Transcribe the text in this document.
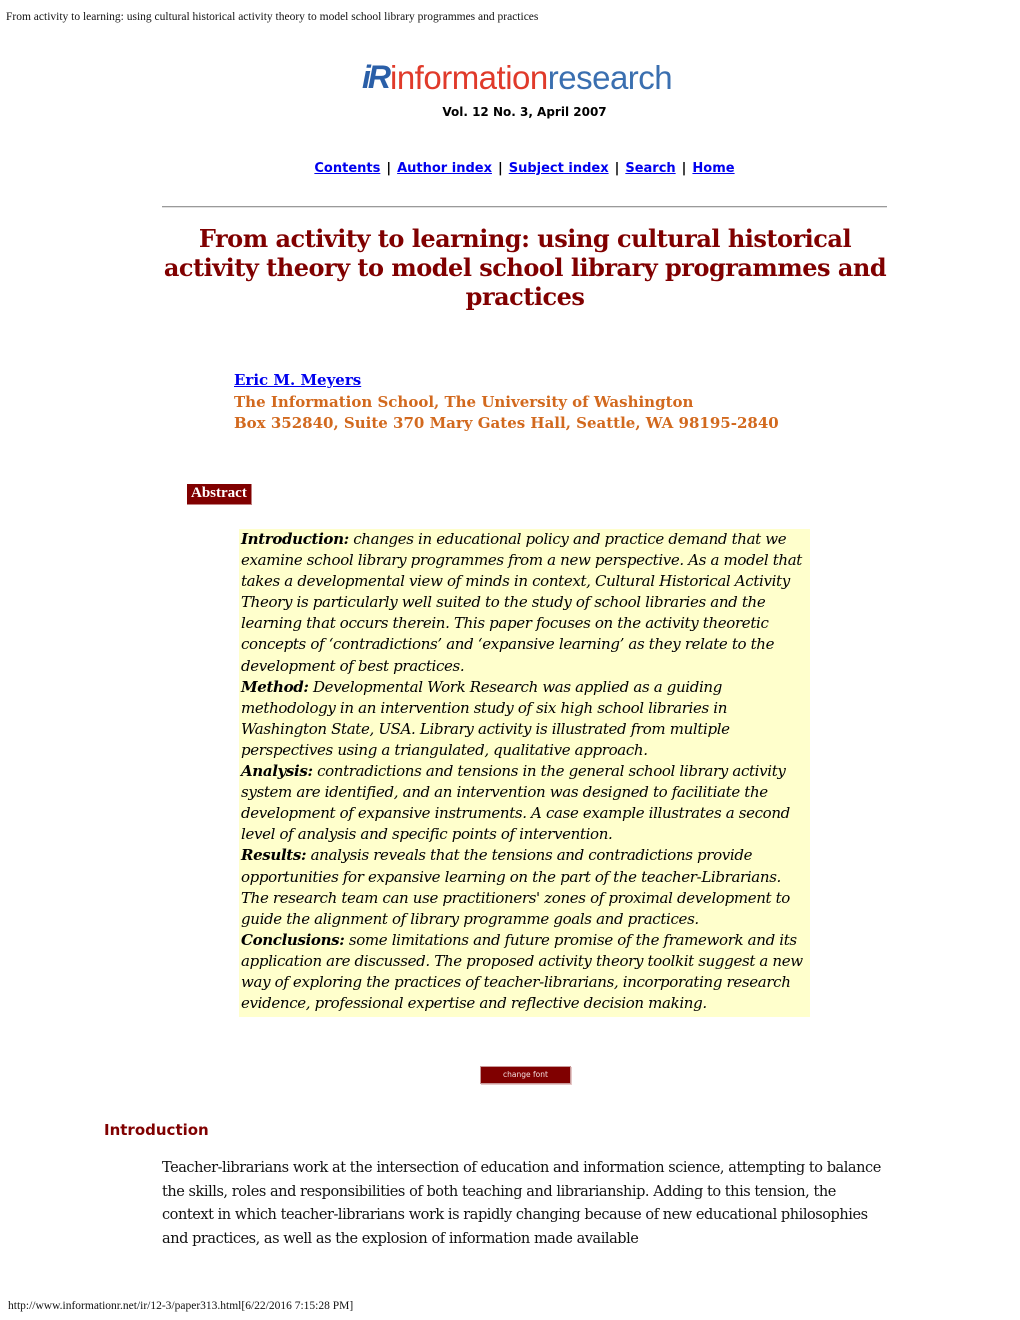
From activity to learning: using cultural historical activity theory to model school library programmes and practices
iR information research
Vol. 12 No. 3, April 2007
Contents | Author index | Subject index | Search | Home
From activity to learning: using cultural historical activity theory to model school library programmes and practices
Eric M. Meyers
The Information School, The University of Washington
Box 352840, Suite 370 Mary Gates Hall, Seattle, WA 98195-2840
Abstract
Introduction: changes in educational policy and practice demand that we examine school library programmes from a new perspective. As a model that takes a developmental view of minds in context, Cultural Historical Activity Theory is particularly well suited to the study of school libraries and the learning that occurs therein. This paper focuses on the activity theoretic concepts of ‘contradictions’ and ‘expansive learning’ as they relate to the development of best practices.
Method: Developmental Work Research was applied as a guiding methodology in an intervention study of six high school libraries in Washington State, USA. Library activity is illustrated from multiple perspectives using a triangulated, qualitative approach.
Analysis: contradictions and tensions in the general school library activity system are identified, and an intervention was designed to facilitiate the development of expansive instruments. A case example illustrates a second level of analysis and specific points of intervention.
Results: analysis reveals that the tensions and contradictions provide opportunities for expansive learning on the part of the teacher-Librarians. The research team can use practitioners' zones of proximal development to guide the alignment of library programme goals and practices.
Conclusions: some limitations and future promise of the framework and its application are discussed. The proposed activity theory toolkit suggest a new way of exploring the practices of teacher-librarians, incorporating research evidence, professional expertise and reflective decision making.
change font
Introduction

Teacher-librarians work at the intersection of education and information science, attempting to balance the skills, roles and responsibilities of both teaching and librarianship. Adding to this tension, the context in which teacher-librarians work is rapidly changing because of new educational philosophies and practices, as well as the explosion of information made available

http://www.informationr.net/ir/12-3/paper313.html[6/22/2016 7:15:28 PM]
